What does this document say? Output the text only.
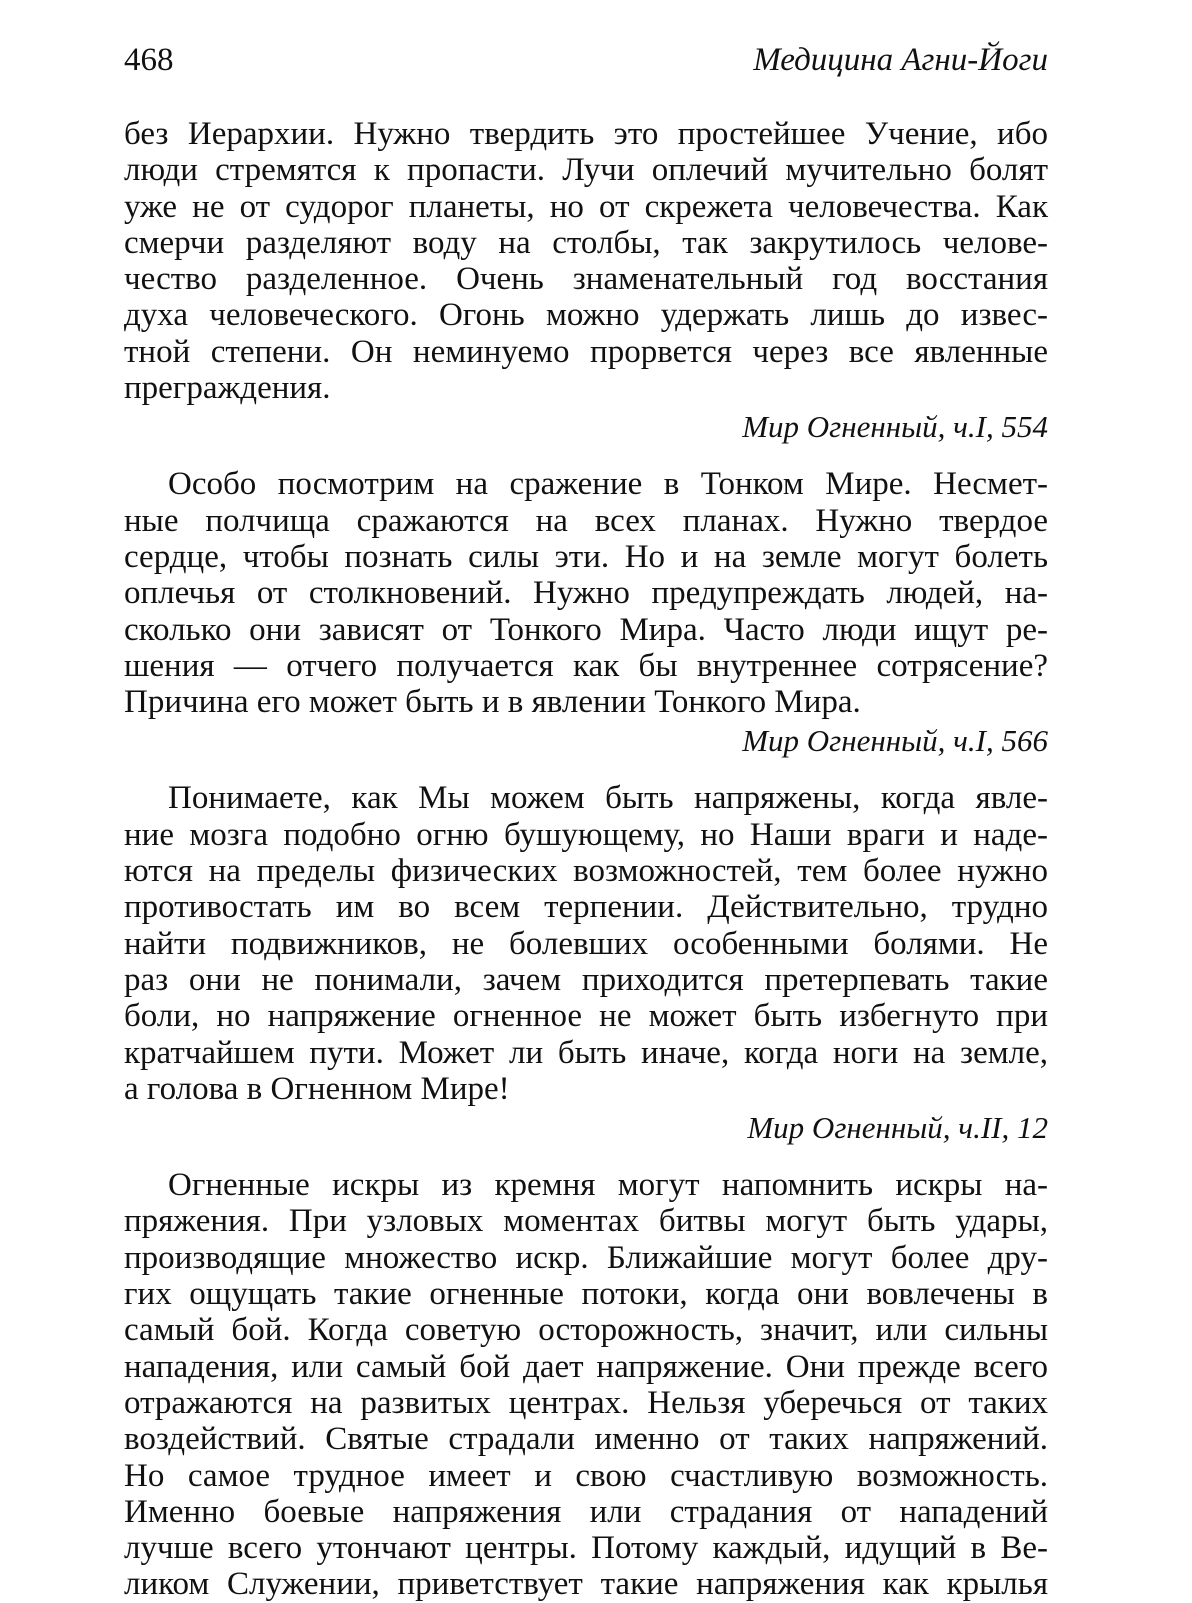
468	Медицина Агни-Йоги
без Иерархии. Нужно твердить это простейшее Учение, ибо
люди стремятся к пропасти. Лучи оплечий мучительно болят
уже не от судорог планеты, но от скрежета человечества. Как
смерчи разделяют воду на столбы, так закрутилось челове-
чество разделенное. Очень знаменательный год восстания
духа человеческого. Огонь можно удержать лишь до извес-
тной степени. Он неминуемо прорвется через все явленные
преграждения.
Мир Огненный, ч.I, 554
Особо посмотрим на сражение в Тонком Мире. Несмет-
ные полчища сражаются на всех планах. Нужно твердое
сердце, чтобы познать силы эти. Но и на земле могут болеть
оплечья от столкновений. Нужно предупреждать людей, на-
сколько они зависят от Тонкого Мира. Часто люди ищут ре-
шения — отчего получается как бы внутреннее сотрясение?
Причина его может быть и в явлении Тонкого Мира.
Мир Огненный, ч.I, 566
Понимаете, как Мы можем быть напряжены, когда явле-
ние мозга подобно огню бушующему, но Наши враги и наде-
ются на пределы физических возможностей, тем более нужно
противостать им во всем терпении. Действительно, трудно
найти подвижников, не болевших особенными болями. Не
раз они не понимали, зачем приходится претерпевать такие
боли, но напряжение огненное не может быть избегнуто при
кратчайшем пути. Может ли быть иначе, когда ноги на земле,
а голова в Огненном Мире!
Мир Огненный, ч.II, 12
Огненные искры из кремня могут напомнить искры на-
пряжения. При узловых моментах битвы могут быть удары,
производящие множество искр. Ближайшие могут более дру-
гих ощущать такие огненные потоки, когда они вовлечены в
самый бой. Когда советую осторожность, значит, или сильны
нападения, или самый бой дает напряжение. Они прежде всего
отражаются на развитых центрах. Нельзя уберечься от таких
воздействий. Святые страдали именно от таких напряжений.
Но самое трудное имеет и свою счастливую возможность.
Именно боевые напряжения или страдания от нападений
лучше всего утончают центры. Потому каждый, идущий в Ве-
ликом Служении, приветствует такие напряжения как крылья
